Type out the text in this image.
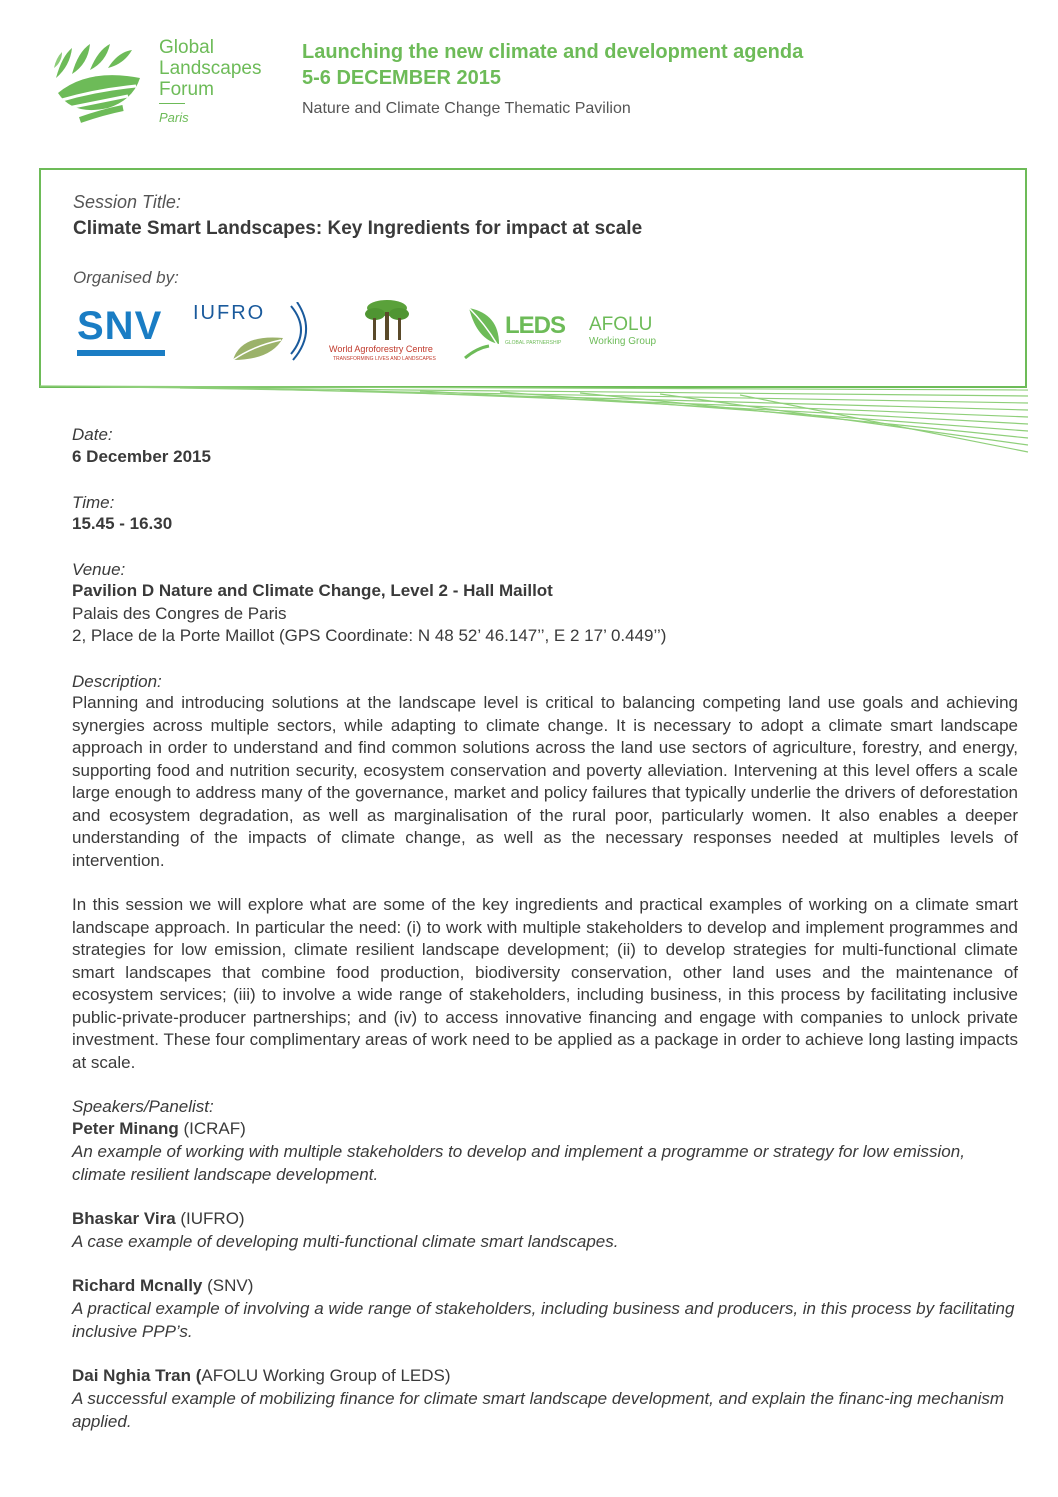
Global
Landscapes
Forum
Paris
Launching the new climate and development agenda
5-6 DECEMBER 2015
Nature and Climate Change Thematic Pavilion
Session Title:
Climate Smart Landscapes: Key Ingredients for impact at scale
Organised by:
SNV	IUFRO
World Agroforestry Centre
TRANSFORMING LIVES AND LANDSCAPES
LEDS
GLOBAL PARTNERSHIP
AFOLU
Working Group
Date:
6 December 2015
Time:
15.45 - 16.30
Venue:
Pavilion D Nature and Climate Change, Level 2 - Hall Maillot
Palais des Congres de Paris
2, Place de la Porte Maillot (GPS Coordinate: N 48 52’ 46.147’’, E 2 17’ 0.449’’)
Description:

Planning and introducing solutions at the landscape level is critical to balancing competing land use goals and achieving synergies across multiple sectors, while adapting to climate change. It is necessary to adopt a climate smart landscape approach in order to understand and find common solutions across the land use sectors of agriculture, forestry, and energy, supporting food and nutrition security, ecosystem conservation and poverty alleviation. Intervening at this level offers a scale large enough to address many of the governance, market and policy failures that typically underlie the drivers of deforestation and ecosystem degradation, as well as marginalisation of the rural poor, particularly women. It also enables a deeper understanding of the impacts of climate change, as well as the necessary responses needed at multiples levels of intervention.

In this session we will explore what are some of the key ingredients and practical examples of working on a climate smart landscape approach. In particular the need: (i) to work with multiple stakeholders to develop and implement programmes and strategies for low emission, climate resilient landscape development; (ii) to develop strategies for multi-functional climate smart landscapes that combine food production, biodiversity conservation, other land uses and the maintenance of ecosystem services; (iii) to involve a wide range of stakeholders, including business, in this process by facilitating inclusive public-private-producer partnerships; and (iv) to access innovative financing and engage with companies to unlock private investment. These four complimentary areas of work need to be applied as a package in order to achieve long lasting impacts at scale.

Speakers/Panelist:
Peter Minang (ICRAF)
An example of working with multiple stakeholders to develop and implement a programme or strategy for low emission, climate resilient landscape development.
Bhaskar Vira (IUFRO)
A case example of developing multi-functional climate smart landscapes.
Richard Mcnally (SNV)
A practical example of involving a wide range of stakeholders, including business and producers, in this process by facilitating inclusive PPP’s.
Dai Nghia Tran (AFOLU Working Group of LEDS)
A successful example of mobilizing finance for climate smart landscape development, and explain the financ-ing mechanism applied.
